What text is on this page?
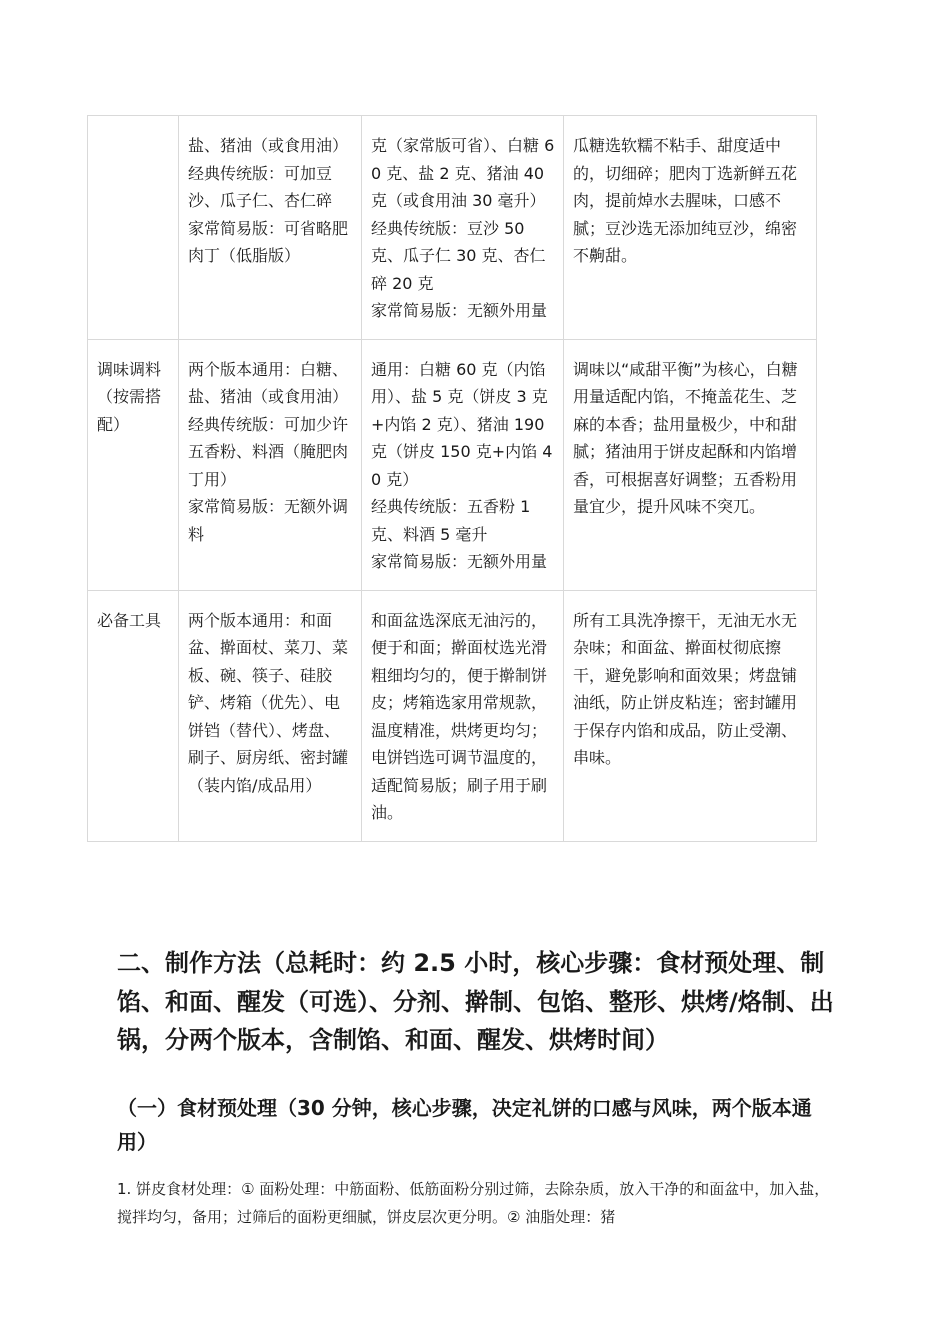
	盐、猪油（或食用油）
经典传统版：可加豆沙、瓜子仁、杏仁碎
家常简易版：可省略肥肉丁（低脂版）	克（家常版可省）、白糖 60 克、盐 2 克、猪油 40 克（或食用油 30 毫升）
经典传统版：豆沙 50 克、瓜子仁 30 克、杏仁碎 20 克
家常简易版：无额外用量	瓜糖选软糯不粘手、甜度适中的，切细碎；肥肉丁选新鲜五花肉，提前焯水去腥味，口感不腻；豆沙选无添加纯豆沙，绵密不齁甜。

调味调料（按需搭配）	两个版本通用：白糖、盐、猪油（或食用油）
经典传统版：可加少许五香粉、料酒（腌肥肉丁用）
家常简易版：无额外调料	通用：白糖 60 克（内馅用）、盐 5 克（饼皮 3 克+内馅 2 克）、猪油 190 克（饼皮 150 克+内馅 40 克）
经典传统版：五香粉 1 克、料酒 5 毫升
家常简易版：无额外用量	调味以“咸甜平衡”为核心，白糖用量适配内馅，不掩盖花生、芝麻的本香；盐用量极少，中和甜腻；猪油用于饼皮起酥和内馅增香，可根据喜好调整；五香粉用量宜少，提升风味不突兀。

必备工具	两个版本通用：和面盆、擀面杖、菜刀、菜板、碗、筷子、硅胶铲、烤箱（优先）、电饼铛（替代）、烤盘、刷子、厨房纸、密封罐（装内馅/成品用）	和面盆选深底无油污的，便于和面；擀面杖选光滑粗细均匀的，便于擀制饼皮；烤箱选家用常规款，温度精准，烘烤更均匀；电饼铛选可调节温度的，适配简易版；刷子用于刷油。	所有工具洗净擦干，无油无水无杂味；和面盆、擀面杖彻底擦干，避免影响和面效果；烤盘铺油纸，防止饼皮粘连；密封罐用于保存内馅和成品，防止受潮、串味。
二、制作方法（总耗时：约 2.5 小时，核心步骤：食材预处理、制馅、和面、醒发（可选）、分剂、擀制、包馅、整形、烘烤/烙制、出锅，分两个版本，含制馅、和面、醒发、烘烤时间）
（一）食材预处理（30 分钟，核心步骤，决定礼饼的口感与风味，两个版本通用）

1. 饼皮食材处理：① 面粉处理：中筋面粉、低筋面粉分别过筛，去除杂质，放入干净的和面盆中，加入盐，搅拌均匀，备用；过筛后的面粉更细腻，饼皮层次更分明。② 油脂处理：猪
